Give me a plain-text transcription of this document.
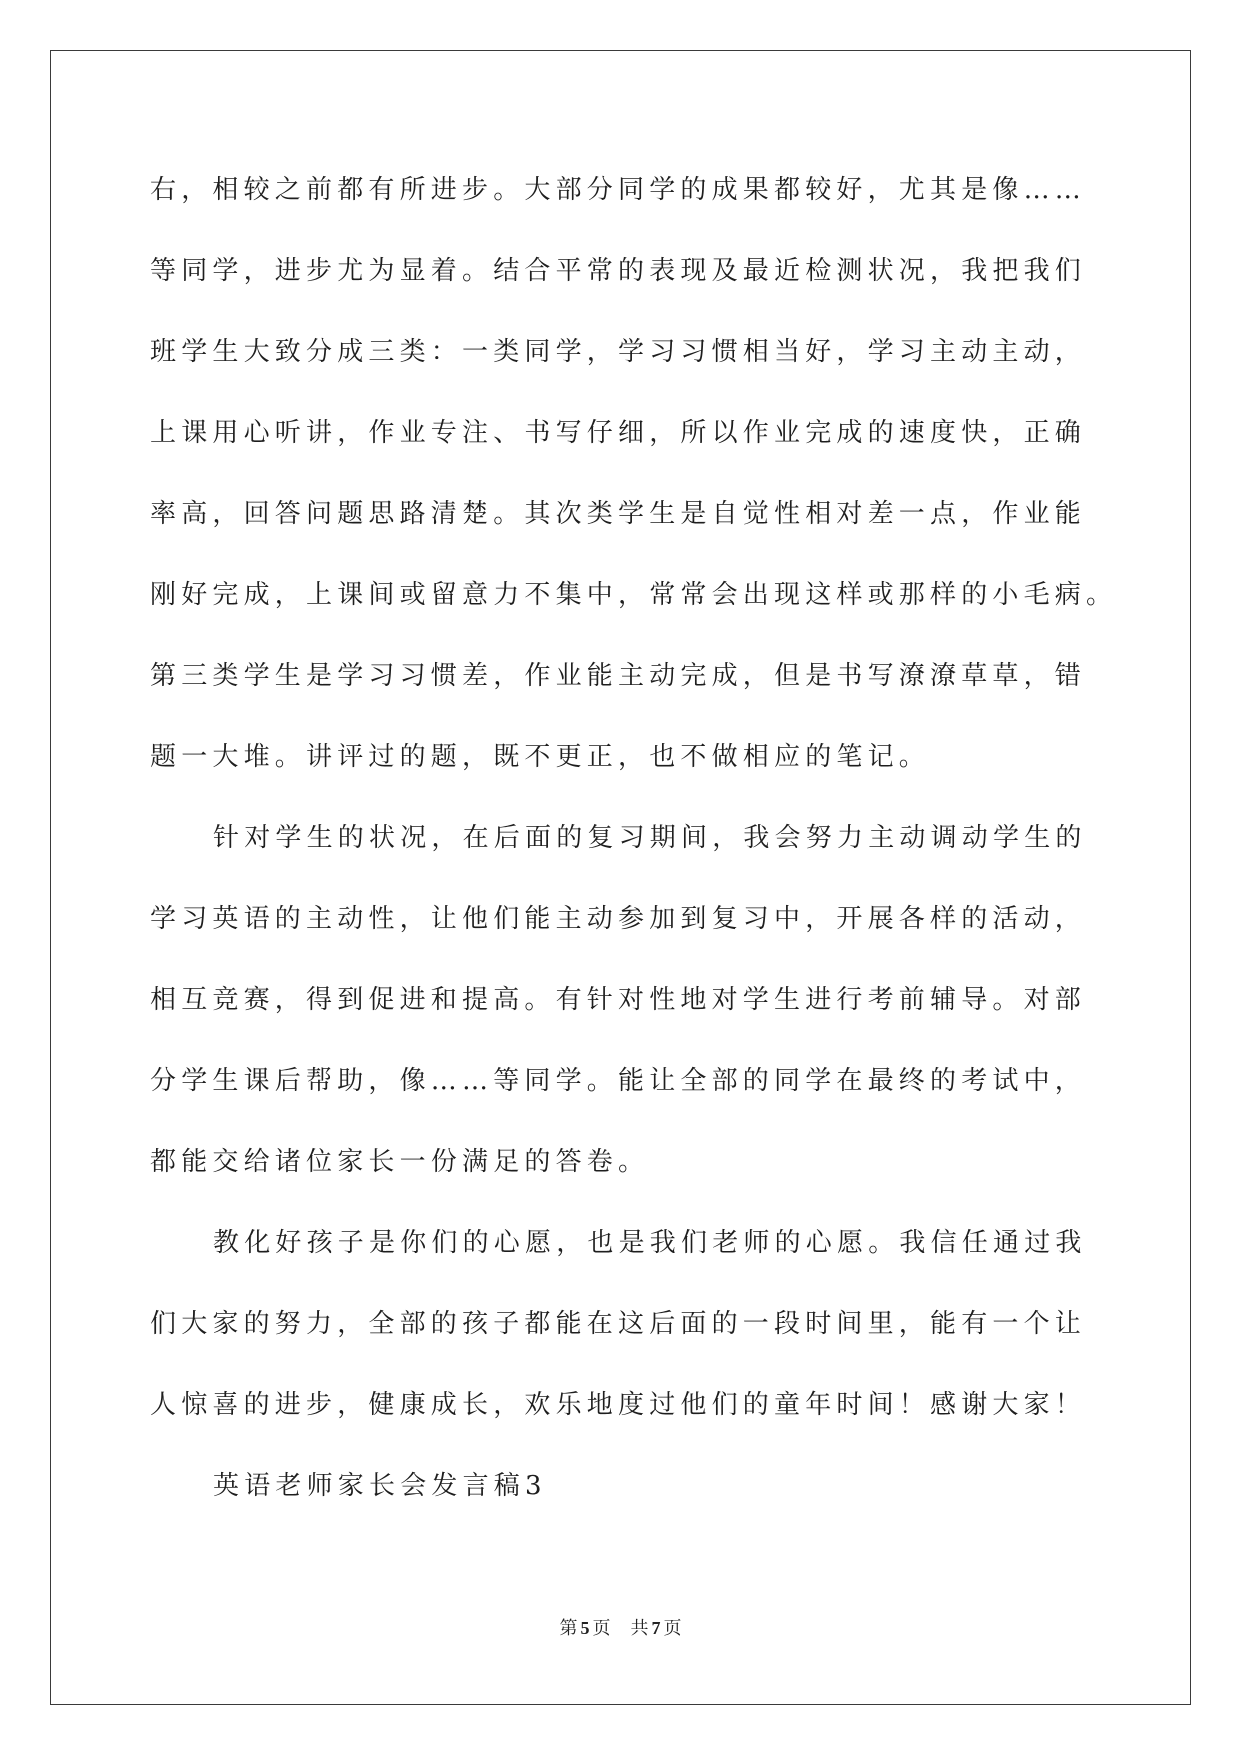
右，相较之前都有所进步。大部分同学的成果都较好，尤其是像……
等同学，进步尤为显着。结合平常的表现及最近检测状况，我把我们
班学生大致分成三类：一类同学，学习习惯相当好，学习主动主动，
上课用心听讲，作业专注、书写仔细，所以作业完成的速度快，正确
率高，回答问题思路清楚。其次类学生是自觉性相对差一点，作业能
刚好完成，上课间或留意力不集中，常常会出现这样或那样的小毛病。
第三类学生是学习习惯差，作业能主动完成，但是书写潦潦草草，错
题一大堆。讲评过的题，既不更正，也不做相应的笔记。
针对学生的状况，在后面的复习期间，我会努力主动调动学生的
学习英语的主动性，让他们能主动参加到复习中，开展各样的活动，
相互竞赛，得到促进和提高。有针对性地对学生进行考前辅导。对部
分学生课后帮助，像……等同学。能让全部的同学在最终的考试中，
都能交给诸位家长一份满足的答卷。
教化好孩子是你们的心愿，也是我们老师的心愿。我信任通过我
们大家的努力，全部的孩子都能在这后面的一段时间里，能有一个让
人惊喜的进步，健康成长，欢乐地度过他们的童年时间！感谢大家！
英语老师家长会发言稿3
第 5 页 共 7 页
